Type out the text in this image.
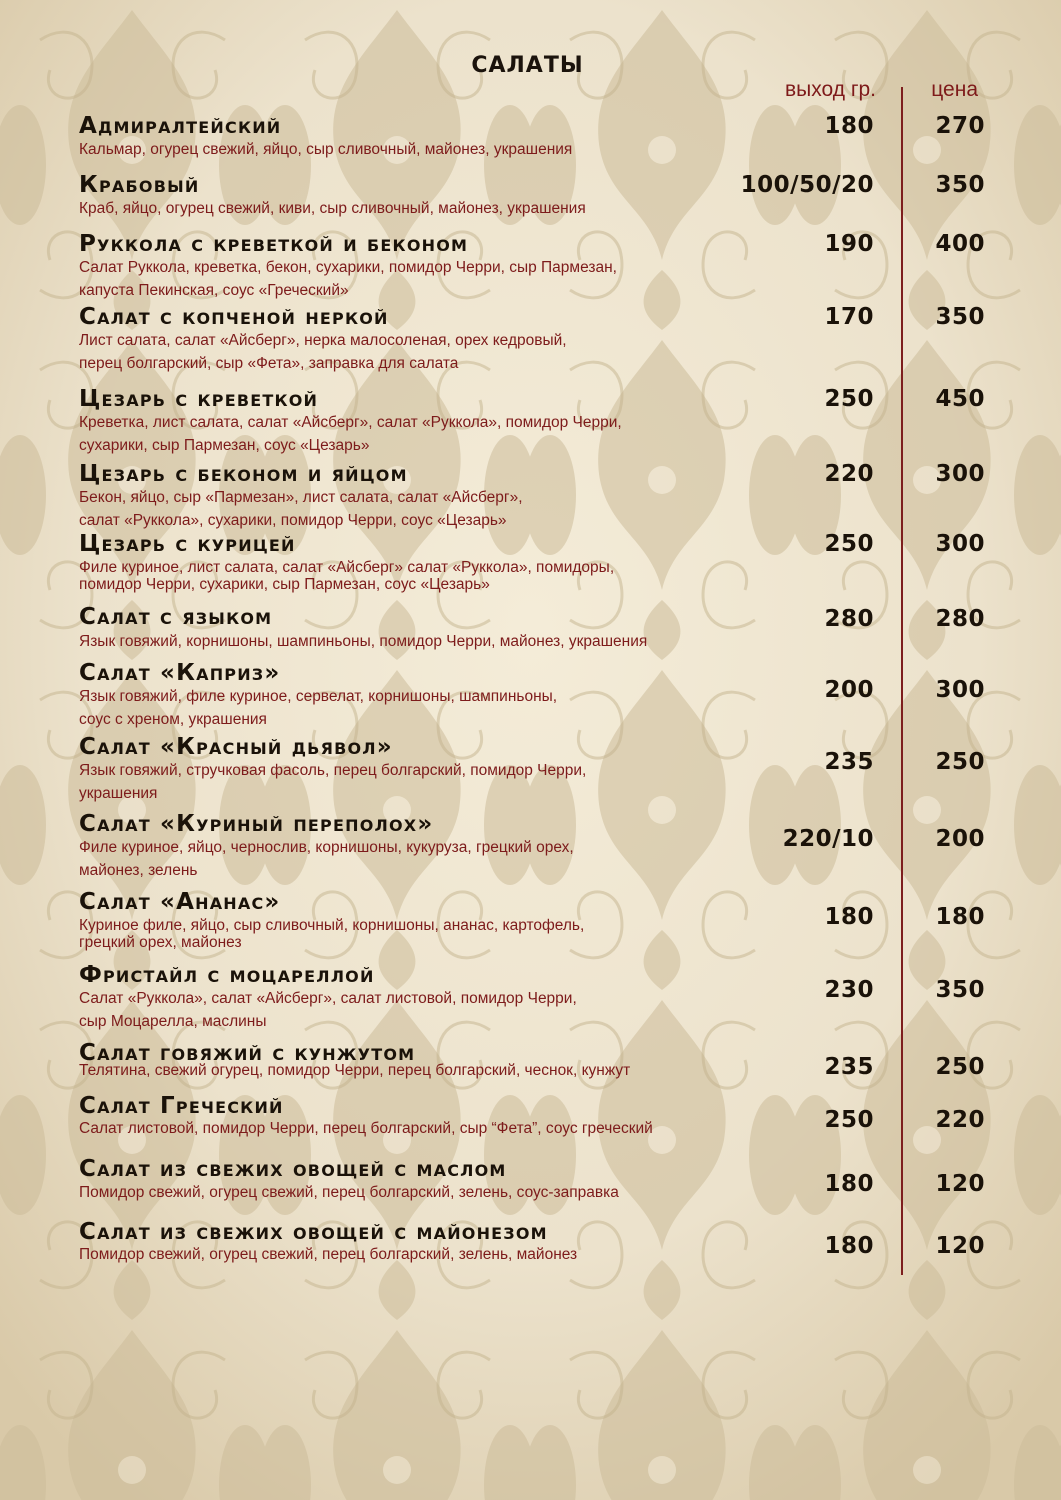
САЛАТЫ
выход гр.	цена
Адмиралтейский
Кальмар, огурец свежий, яйцо, сыр сливочный, майонез, украшения
180	270
Крабовый
Краб, яйцо, огурец свежий, киви, сыр сливочный, майонез, украшения
100/50/20	350
Руккола с креветкой и беконом
Салат Руккола, креветка, бекон, сухарики, помидор Черри, сыр Пармезан,
капуста Пекинская, соус «Греческий»
190	400
Салат с копченой неркой
Лист салата, салат «Айсберг», нерка малосоленая, орех кедровый,
перец болгарский, сыр «Фета», заправка для салата
170	350
Цезарь с креветкой
Креветка, лист салата, салат «Айсберг», салат «Руккола», помидор Черри,
сухарики, сыр Пармезан, соус «Цезарь»
250	450
Цезарь с беконом и яйцом
Бекон, яйцо, сыр «Пармезан», лист салата, салат «Айсберг»,
салат «Руккола», сухарики, помидор Черри, соус «Цезарь»
220	300
Цезарь с курицей
Филе куриное, лист салата, салат «Айсберг» салат «Руккола», помидоры,
помидор Черри, сухарики, сыр Пармезан, соус «Цезарь»
250	300
Салат с языком
Язык говяжий, корнишоны, шампиньоны, помидор Черри, майонез, украшения
280	280
Салат «Каприз»
Язык говяжий, филе куриное, сервелат, корнишоны, шампиньоны,
соус с хреном, украшения
200	300
Салат «Красный дьявол»
Язык говяжий, стручковая фасоль, перец болгарский, помидор Черри,
украшения
235	250
Салат «Куриный переполох»
Филе куриное, яйцо, чернослив, корнишоны, кукуруза, грецкий орех,
майонез, зелень
220/10	200
Салат «Ананас»
Куриное филе, яйцо, сыр сливочный, корнишоны, ананас, картофель,
грецкий орех, майонез
180	180
Фристайл с моцареллой
Салат «Руккола», салат «Айсберг», салат листовой, помидор Черри,
сыр Моцарелла, маслины
230	350
Салат говяжий с кунжутом
Телятина, свежий огурец, помидор Черри, перец болгарский, чеснок, кунжут	235	250
Салат Греческий
Салат листовой, помидор Черри, перец болгарский, сыр “Фета”, соус греческий	250	220
Салат из свежих овощей с маслом
Помидор свежий, огурец свежий, перец болгарский, зелень, соус-заправка	180	120
Салат из свежих овощей с майонезом
Помидор свежий, огурец свежий, перец болгарский, зелень, майонез	180	120
